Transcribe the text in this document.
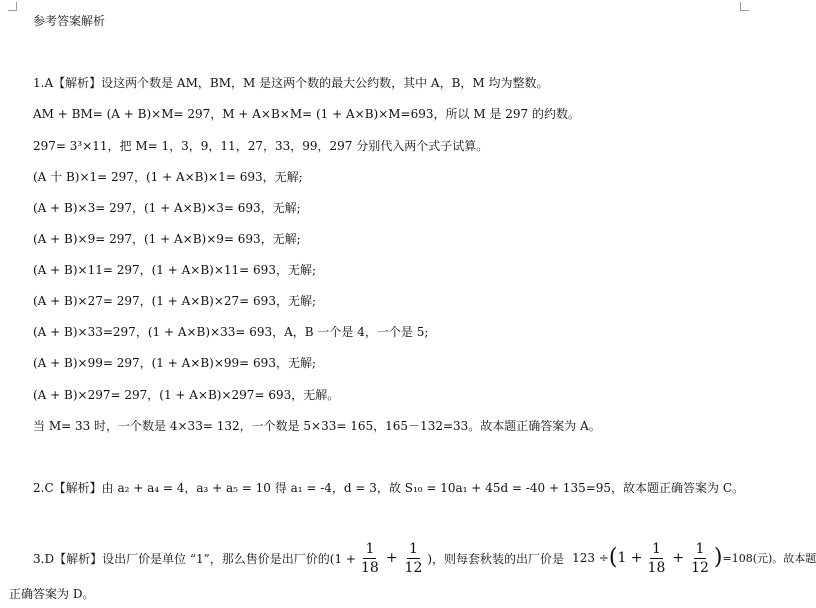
参考答案解析
1.A【解析】设这两个数是 AM，BM，M 是这两个数的最大公约数，其中 A，B，M 均为整数。
AM + BM= (A + B)×M= 297，M + A×B×M= (1 + A×B)×M=693，所以 M 是 297 的约数。
297= 3³×11，把 M= 1，3，9，11，27，33，99，297 分别代入两个式子试算。
(A 十 B)×1= 297，(1 + A×B)×1= 693，无解;
(A + B)×3= 297，(1 + A×B)×3= 693，无解;
(A + B)×9= 297，(1 + A×B)×9= 693，无解;
(A + B)×11= 297，(1 + A×B)×11= 693，无解;
(A + B)×27= 297，(1 + A×B)×27= 693，无解;
(A + B)×33=297，(1 + A×B)×33= 693，A，B 一个是 4，一个是 5;
(A + B)×99= 297，(1 + A×B)×99= 693，无解;
(A + B)×297= 297，(1 + A×B)×297= 693，无解。
当 M= 33 时，一个数是 4×33= 132，一个数是 5×33= 165，165－132=33。故本题正确答案为 A。
2.C【解析】由 a₂ + a₄ = 4，a₃ + a₅ = 10 得 a₁ = -4，d = 3，故 S₁₀ = 10a₁ + 45d = -40 + 135=95，故本题正确答案为 C。
3.D【解析】设出厂价是单位 “1”，那么售价是出厂价的($1 + \frac{1}{18} + \frac{1}{12}$ )，则每套秋装的出厂价是 123 ÷ ( $1 + \frac{1}{18} + \frac{1}{12}$ ) =108(元)。故本题
正确答案为 D。
